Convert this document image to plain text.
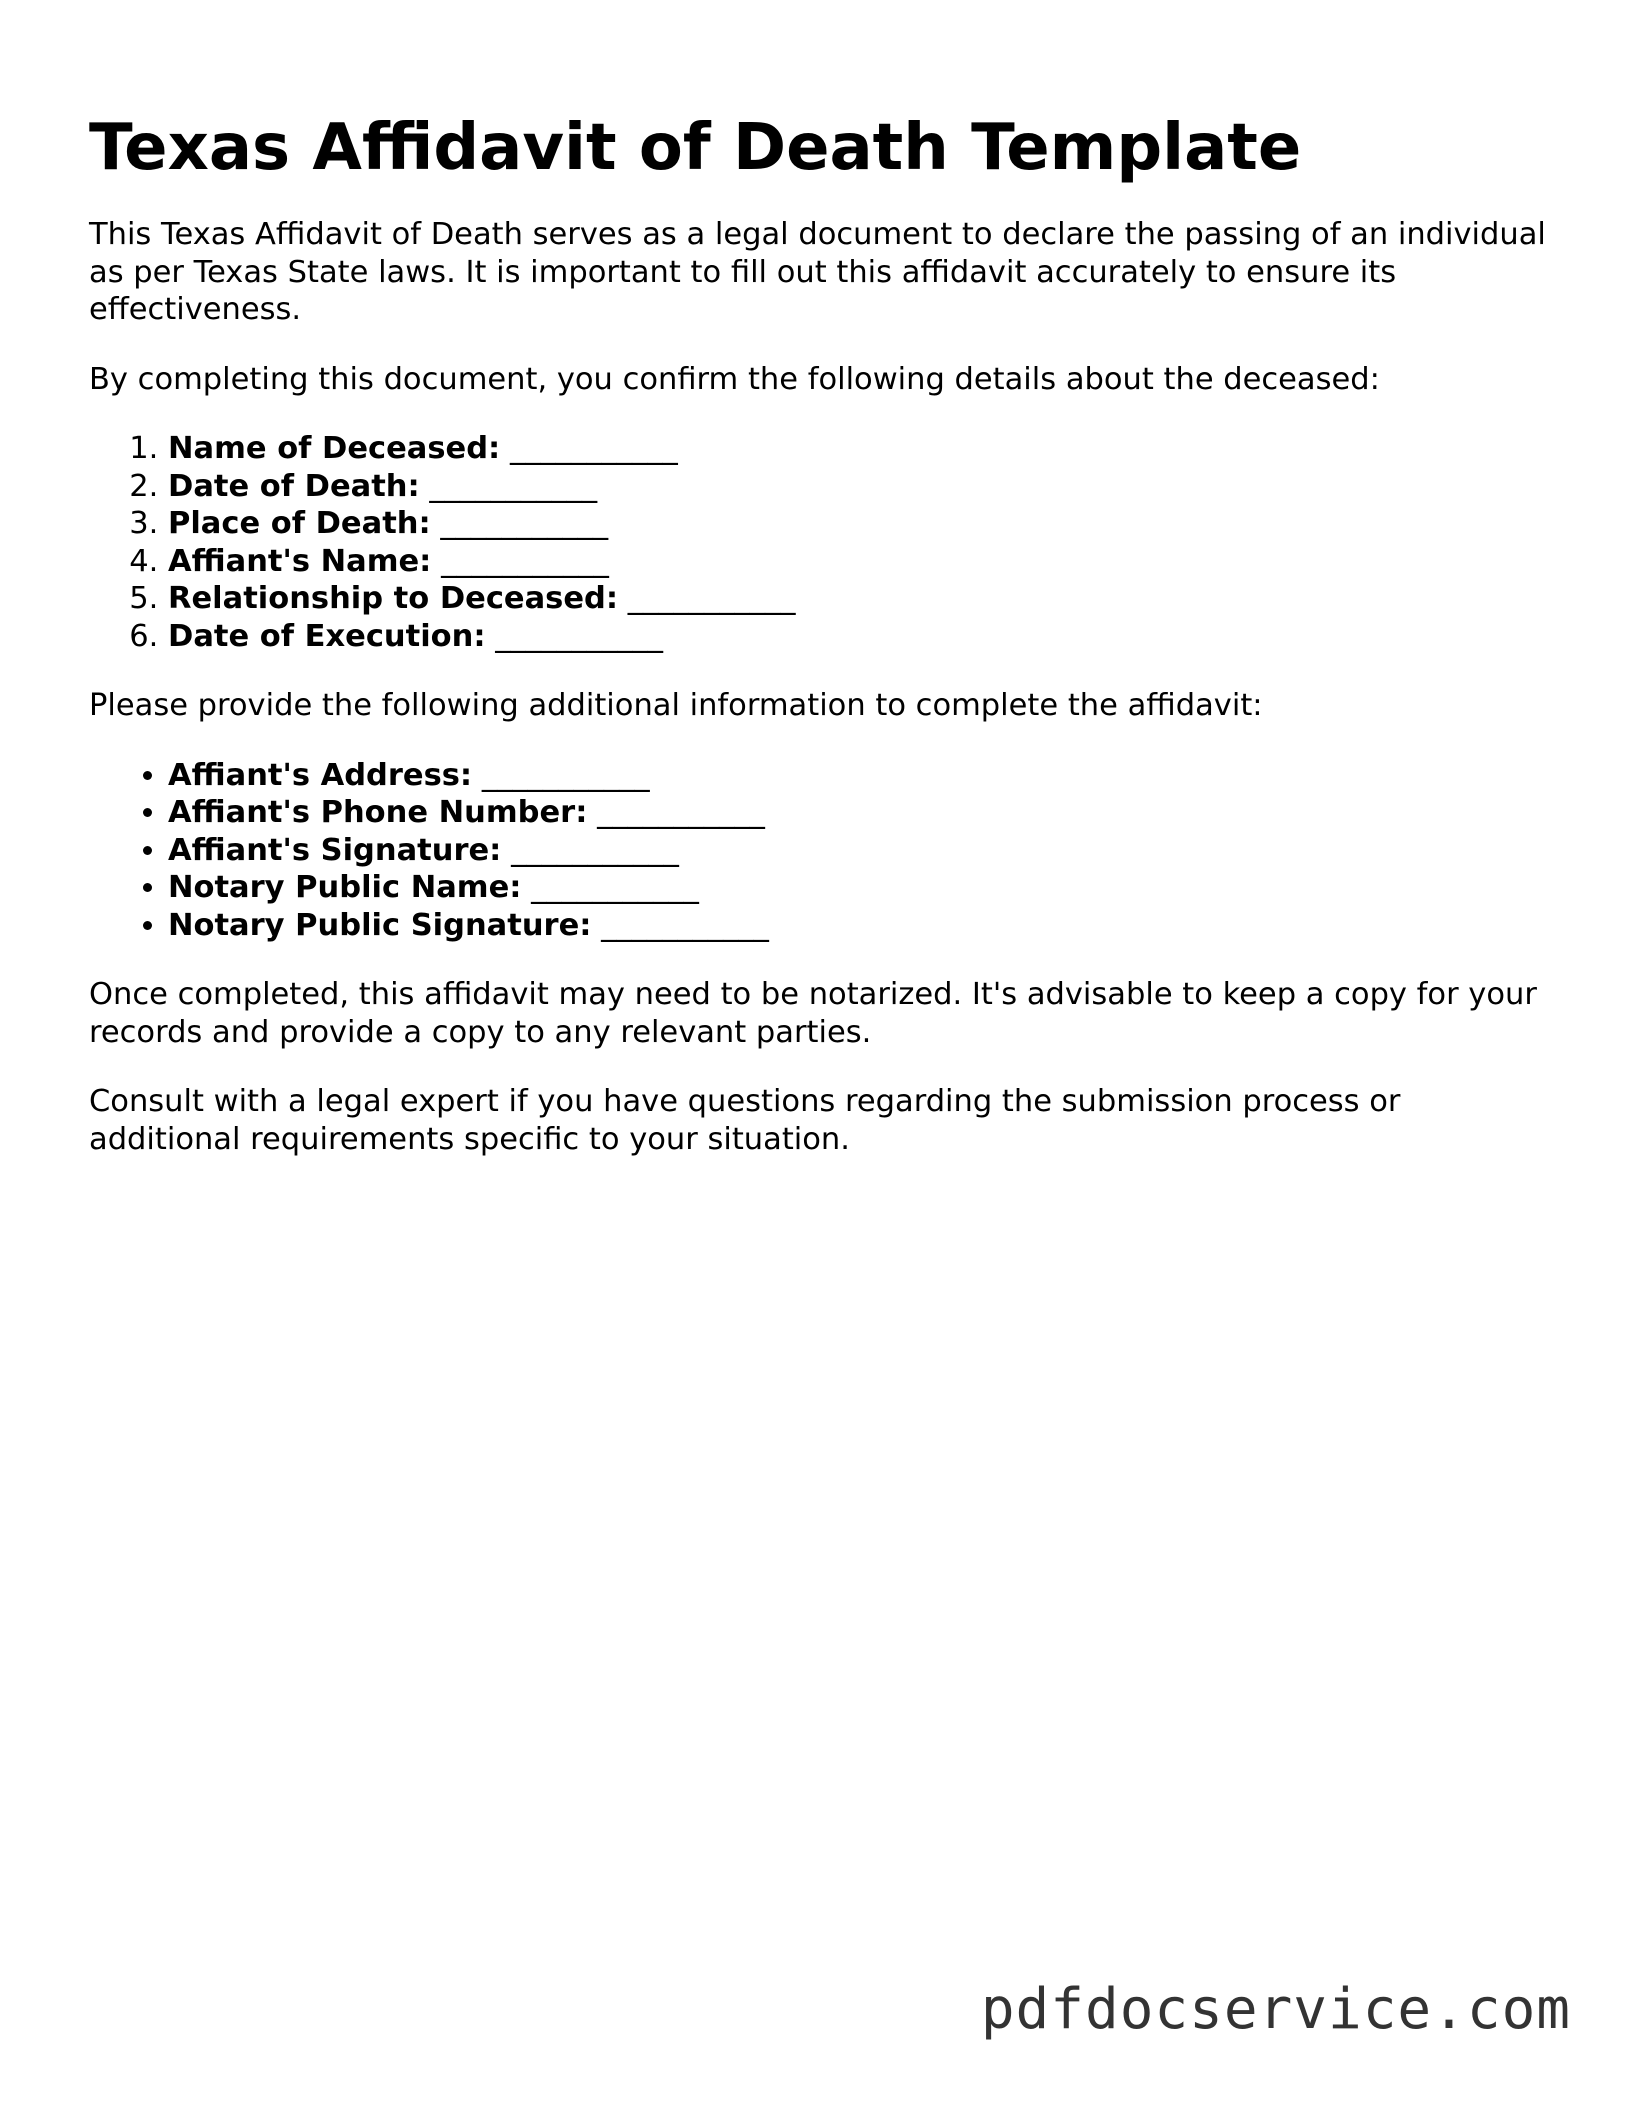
Texas Affidavit of Death Template

This Texas Affidavit of Death serves as a legal document to declare the passing of an individual as per Texas State laws. It is important to fill out this affidavit accurately to ensure its effectiveness.

By completing this document, you confirm the following details about the deceased:

1. Name of Deceased: ___________
2. Date of Death: ___________
3. Place of Death: ___________
4. Affiant's Name: ___________
5. Relationship to Deceased: ___________
6. Date of Execution: ___________

Please provide the following additional information to complete the affidavit:

• Affiant's Address: ___________
• Affiant's Phone Number: ___________
• Affiant's Signature: ___________
• Notary Public Name: ___________
• Notary Public Signature: ___________

Once completed, this affidavit may need to be notarized. It's advisable to keep a copy for your records and provide a copy to any relevant parties.

Consult with a legal expert if you have questions regarding the submission process or additional requirements specific to your situation.

pdfdocservice.com
